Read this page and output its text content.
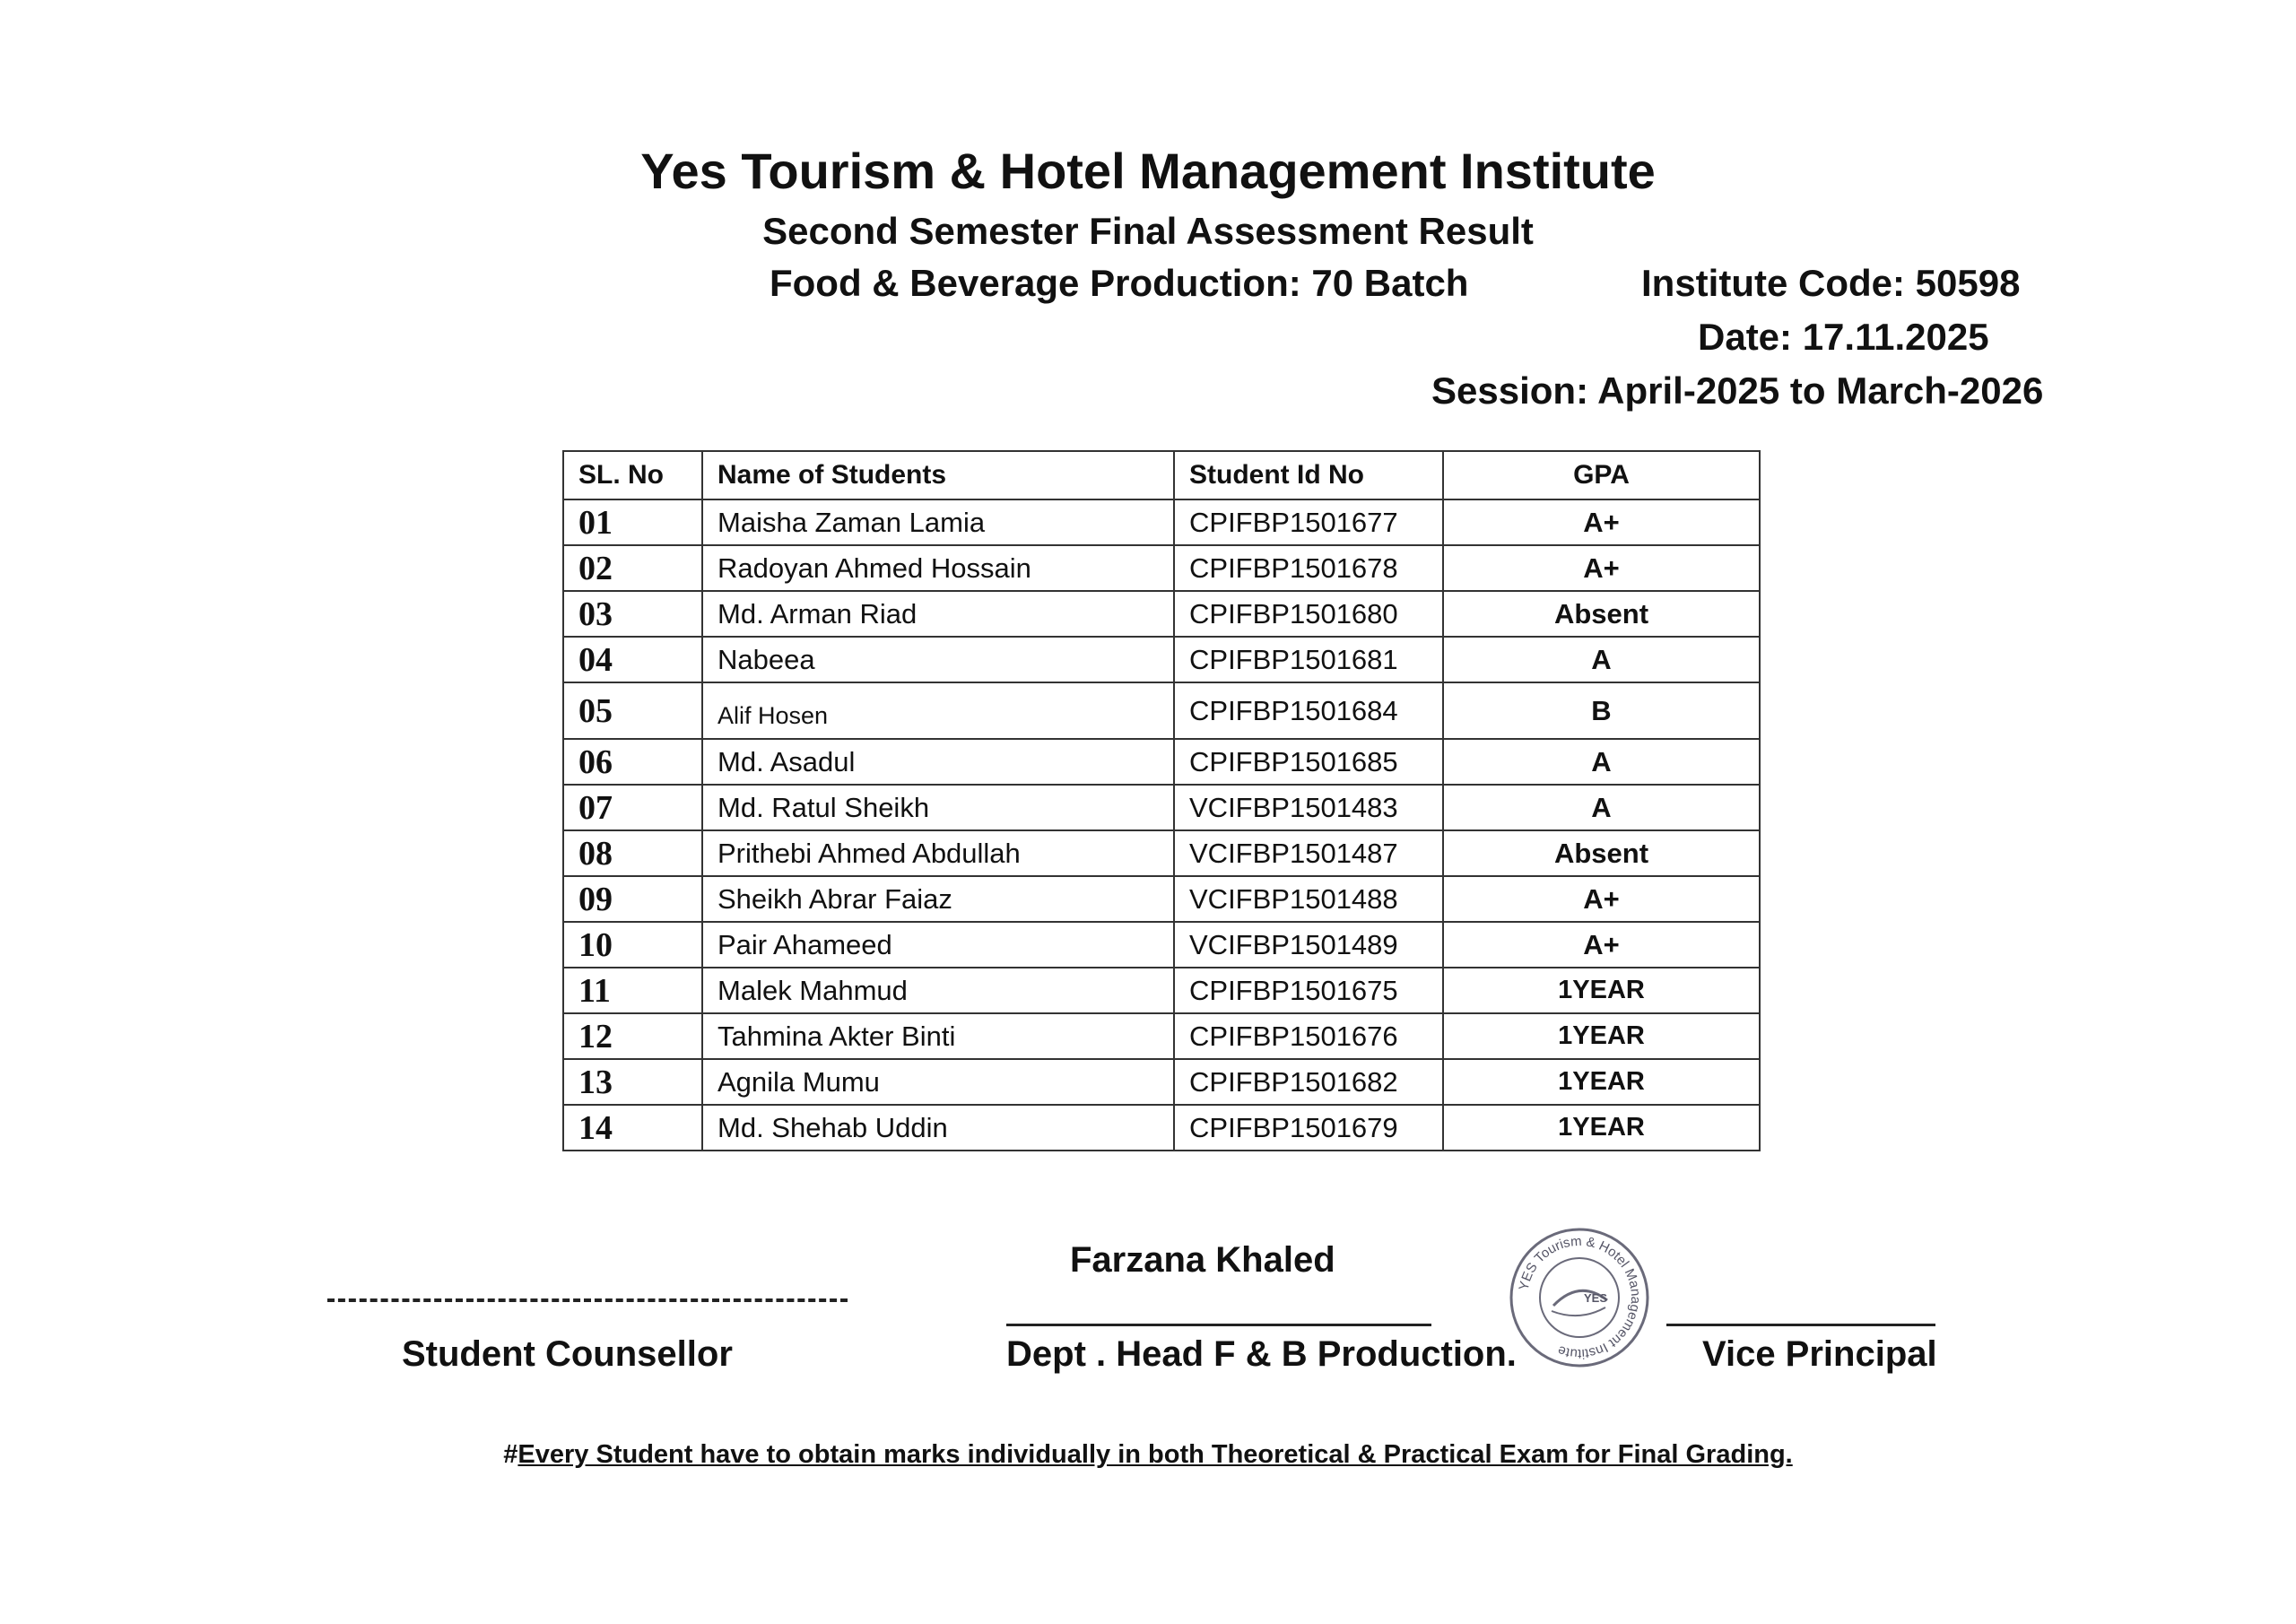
Yes Tourism & Hotel Management Institute
Second Semester Final Assessment Result
Food & Beverage Production: 70 Batch	Institute Code: 50598
Date: 17.11.2025
Session: April-2025 to March-2026
SL. No	Name of Students	Student Id No	GPA
01	Maisha Zaman Lamia	CPIFBP1501677	A+
02	Radoyan Ahmed Hossain	CPIFBP1501678	A+
03	Md. Arman Riad	CPIFBP1501680	Absent
04	Nabeea	CPIFBP1501681	A
05	Alif Hosen	CPIFBP1501684	B
06	Md. Asadul	CPIFBP1501685	A
07	Md. Ratul Sheikh	VCIFBP1501483	A
08	Prithebi Ahmed Abdullah	VCIFBP1501487	Absent
09	Sheikh Abrar Faiaz	VCIFBP1501488	A+
10	Pair Ahameed	VCIFBP1501489	A+
11	Malek Mahmud	CPIFBP1501675	1YEAR
12	Tahmina Akter Binti	CPIFBP1501676	1YEAR
13	Agnila Mumu	CPIFBP1501682	1YEAR
14	Md. Shehab Uddin	CPIFBP1501679	1YEAR
Farzana Khaled
Student Counsellor	Dept . Head F & B Production.	Vice Principal
YES Tourism & Hotel Management Institute
YES
#Every Student have to obtain marks individually in both Theoretical & Practical Exam for Final Grading.
